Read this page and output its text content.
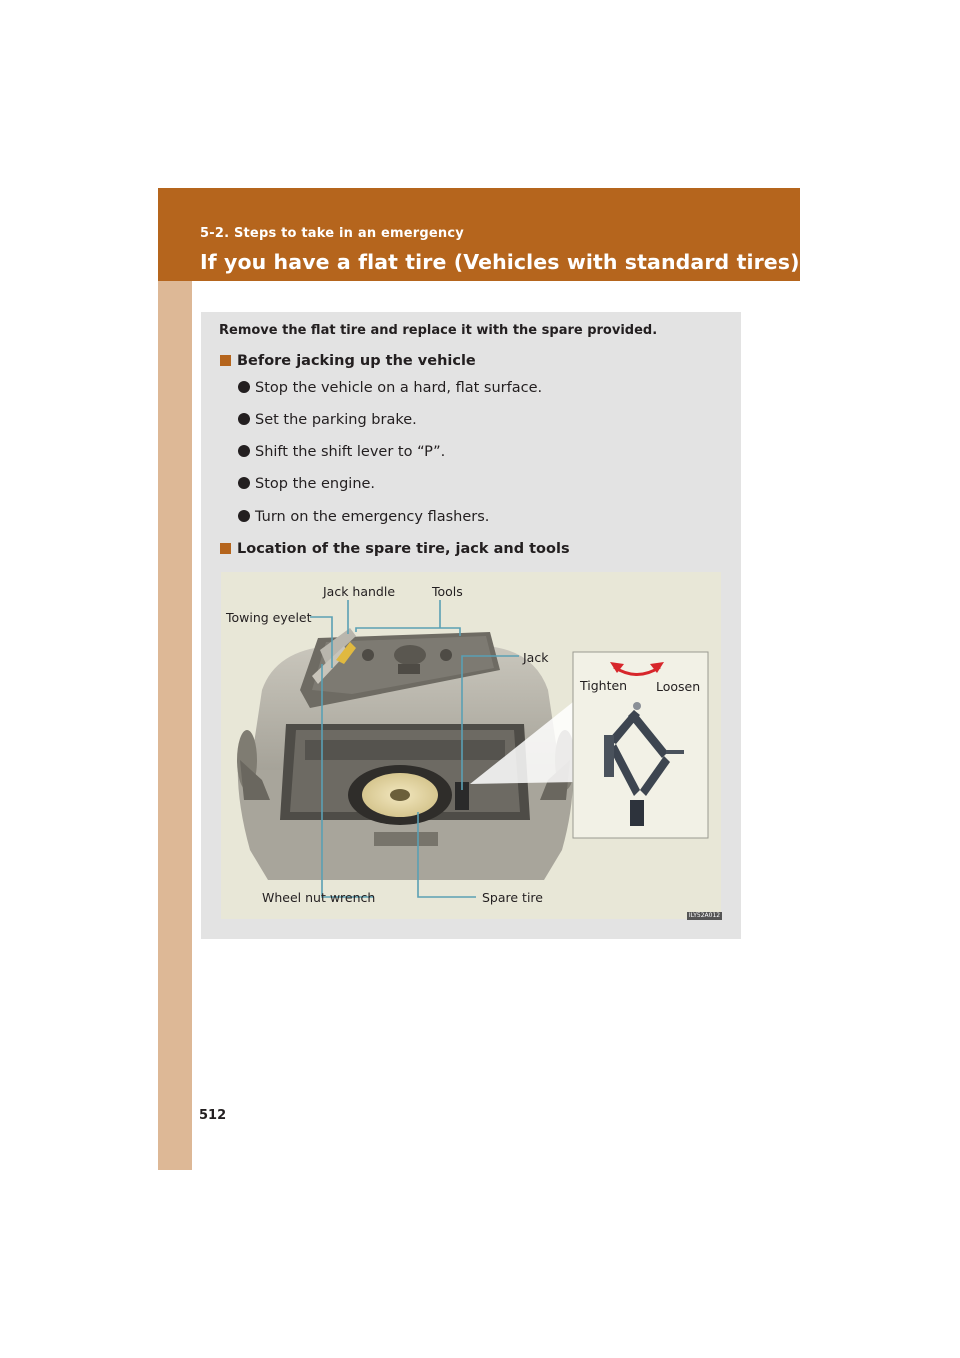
5-2. Steps to take in an emergency
If you have a flat tire (Vehicles with standard tires)
Remove the flat tire and replace it with the spare provided.
Before jacking up the vehicle
Stop the vehicle on a hard, flat surface.
Set the parking brake.
Shift the shift lever to “P”.
Stop the engine.
Turn on the emergency flashers.
Location of the spare tire, jack and tools
Jack handle	Tools
Towing eyelet
Jack
Tighten Loosen
Wheel nut wrench	Spare tire
ILY52A012
512
